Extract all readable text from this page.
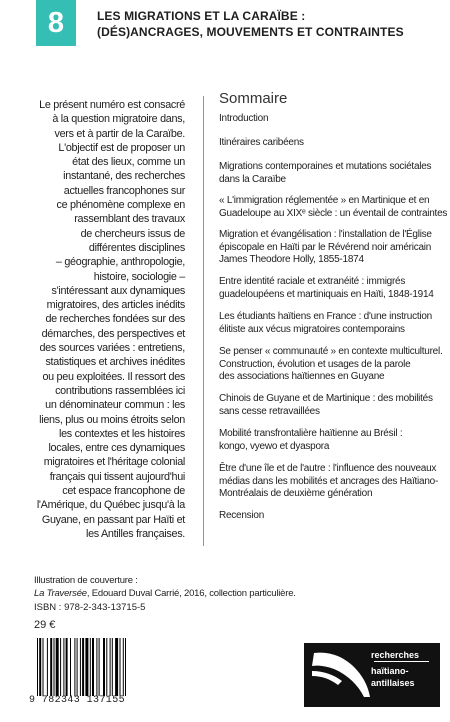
8	LES MIGRATIONS ET LA CARAÏBE :
(DÉS)ANCRAGES, MOUVEMENTS ET CONTRAINTES
Le présent numéro est consacré
à la question migratoire dans,
vers et à partir de la Caraïbe.
L'objectif est de proposer un
état des lieux, comme un
instantané, des recherches
actuelles francophones sur
ce phénomène complexe en
rassemblant des travaux
de chercheurs issus de
différentes disciplines
– géographie, anthropologie,
histoire, sociologie –
s'intéressant aux dynamiques
migratoires, des articles inédits
de recherches fondées sur des
démarches, des perspectives et
des sources variées : entretiens,
statistiques et archives inédites
ou peu exploitées. Il ressort des
contributions rassemblées ici
un dénominateur commun : les
liens, plus ou moins étroits selon
les contextes et les histoires
locales, entre ces dynamiques
migratoires et l'héritage colonial
français qui tissent aujourd'hui
cet espace francophone de
l'Amérique, du Québec jusqu'à la
Guyane, en passant par Haïti et
les Antilles françaises.
Sommaire
Introduction
Itinéraires caribéens
Migrations contemporaines et mutations sociétales
dans la Caraïbe
« L'immigration réglementée » en Martinique et en
Guadeloupe au XIXᵉ siècle : un éventail de contraintes
Migration et évangélisation : l'installation de l'Église
épiscopale en Haïti par le Révérend noir américain
James Theodore Holly, 1855-1874
Entre identité raciale et extranéité : immigrés
guadeloupéens et martiniquais en Haïti, 1848-1914
Les étudiants haïtiens en France : d'une instruction
élitiste aux vécus migratoires contemporains
Se penser « communauté » en contexte multiculturel.
Construction, évolution et usages de la parole
des associations haïtiennes en Guyane
Chinois de Guyane et de Martinique : des mobilités
sans cesse retravaillées
Mobilité transfrontalière haïtienne au Brésil :
kongo, vyewo et dyaspora
Être d'une île et de l'autre : l'influence des nouveaux
médias dans les mobilités et ancrages des Haïtiano-
Montréalais de deuxième génération
Recension
Illustration de couverture :
La Traversée, Edouard Duval Carrié, 2016, collection particulière.
ISBN : 978-2-343-13715-5
29 €
9 782343 137155
recherches
haïtiano-
antillaises
